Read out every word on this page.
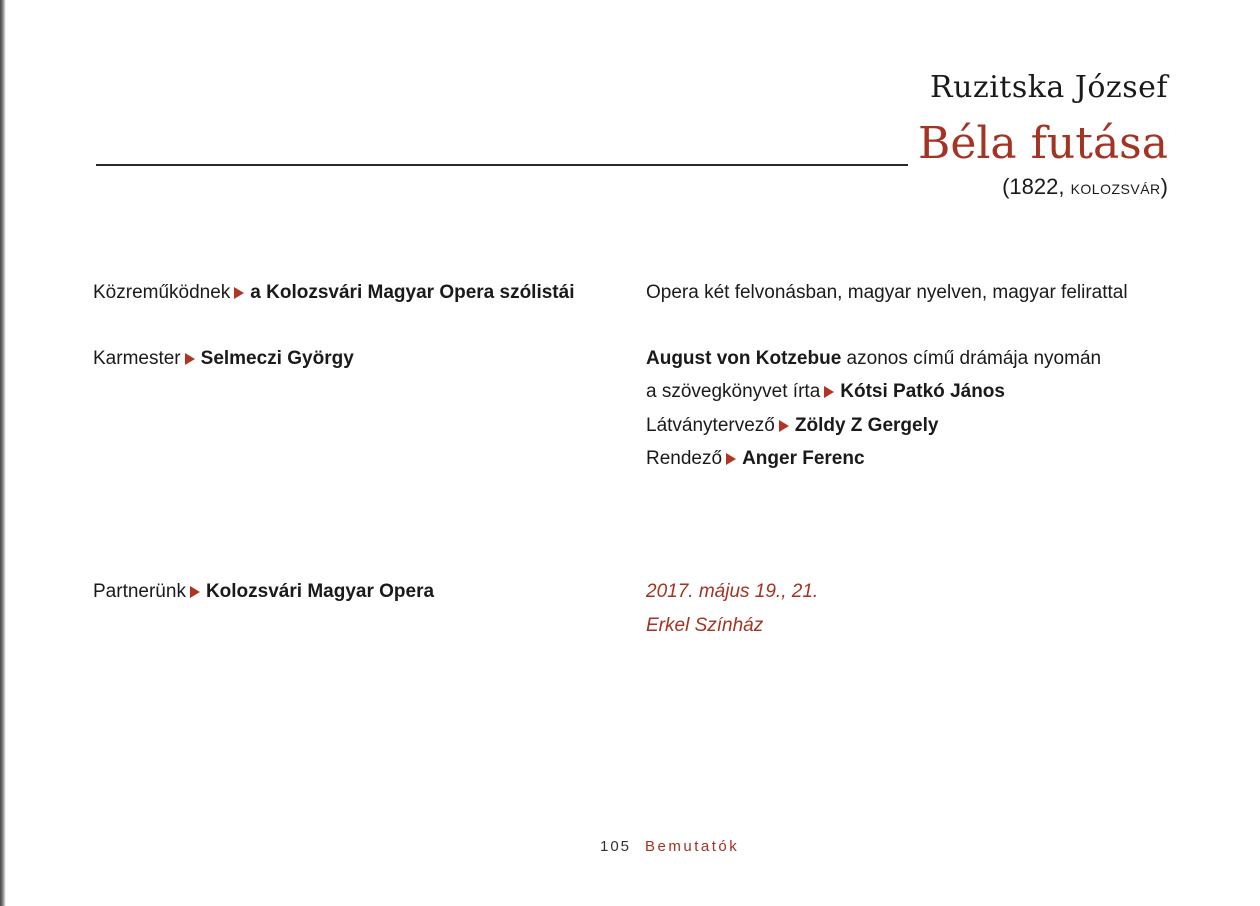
Ruzitska József
Béla futása
(1822, KOLOZSVÁR)
Közreműködnek a Kolozsvári Magyar Opera szólistái
Karmester Selmeczi György
Partnerünk Kolozsvári Magyar Opera
Opera két felvonásban, magyar nyelven, magyar felirattal
August von Kotzebue azonos című drámája nyomán
a szövegkönyvet írta Kótsi Patkó János
Látványtervező Zöldy Z Gergely
Rendező Anger Ferenc
2017. május 19., 21.
Erkel Színház
105 Bemutatók
